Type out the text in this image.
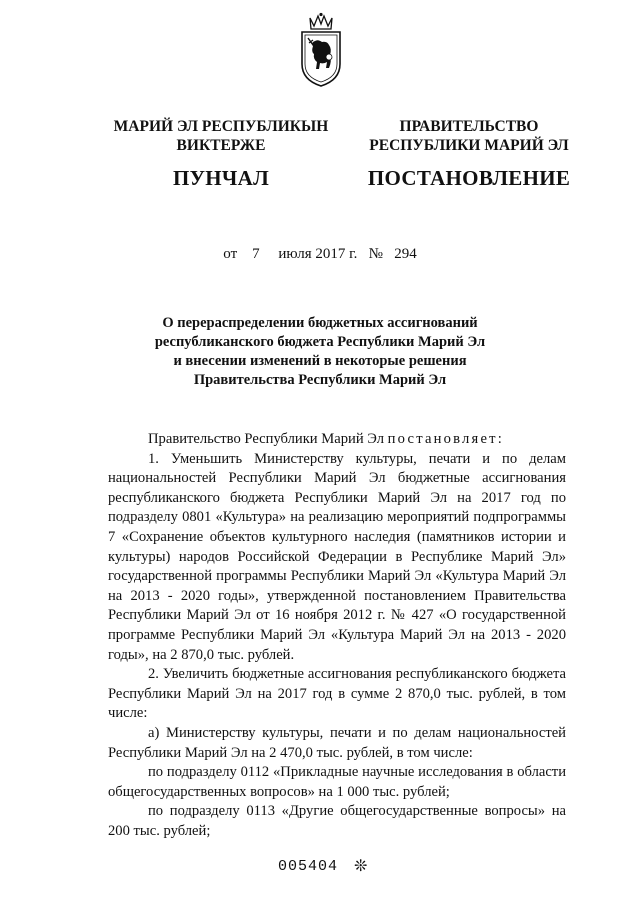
МАРИЙ ЭЛ РЕСПУБЛИКЫН
ВИКТЕРЖЕ
ПУНЧАЛ
ПРАВИТЕЛЬСТВО
РЕСПУБЛИКИ МАРИЙ ЭЛ
ПОСТАНОВЛЕНИЕ
от 7 июля 2017 г. № 294
О перераспределении бюджетных ассигнований
республиканского бюджета Республики Марий Эл
и внесении изменений в некоторые решения
Правительства Республики Марий Эл

Правительство Республики Марий Эл постановляет:

1. Уменьшить Министерству культуры, печати и по делам национальностей Республики Марий Эл бюджетные ассигнования республиканского бюджета Республики Марий Эл на 2017 год по подразделу 0801 «Культура» на реализацию мероприятий подпрограммы 7 «Сохранение объектов культурного наследия (памятников истории и культуры) народов Российской Федерации в Республике Марий Эл» государственной программы Республики Марий Эл «Культура Марий Эл на 2013 - 2020 годы», утвержденной постановлением Правительства Республики Марий Эл от 16 ноября 2012 г. № 427 «О государственной программе Республики Марий Эл «Культура Марий Эл на 2013 - 2020 годы», на 2 870,0 тыс. рублей.

2. Увеличить бюджетные ассигнования республиканского бюджета Республики Марий Эл на 2017 год в сумме 2 870,0 тыс. рублей, в том числе:

а) Министерству культуры, печати и по делам национальностей Республики Марий Эл на 2 470,0 тыс. рублей, в том числе:

по подразделу 0112 «Прикладные научные исследования в области общегосударственных вопросов» на 1 000 тыс. рублей;

по подразделу 0113 «Другие общегосударственные вопросы» на 200 тыс. рублей;

005404 ❊
